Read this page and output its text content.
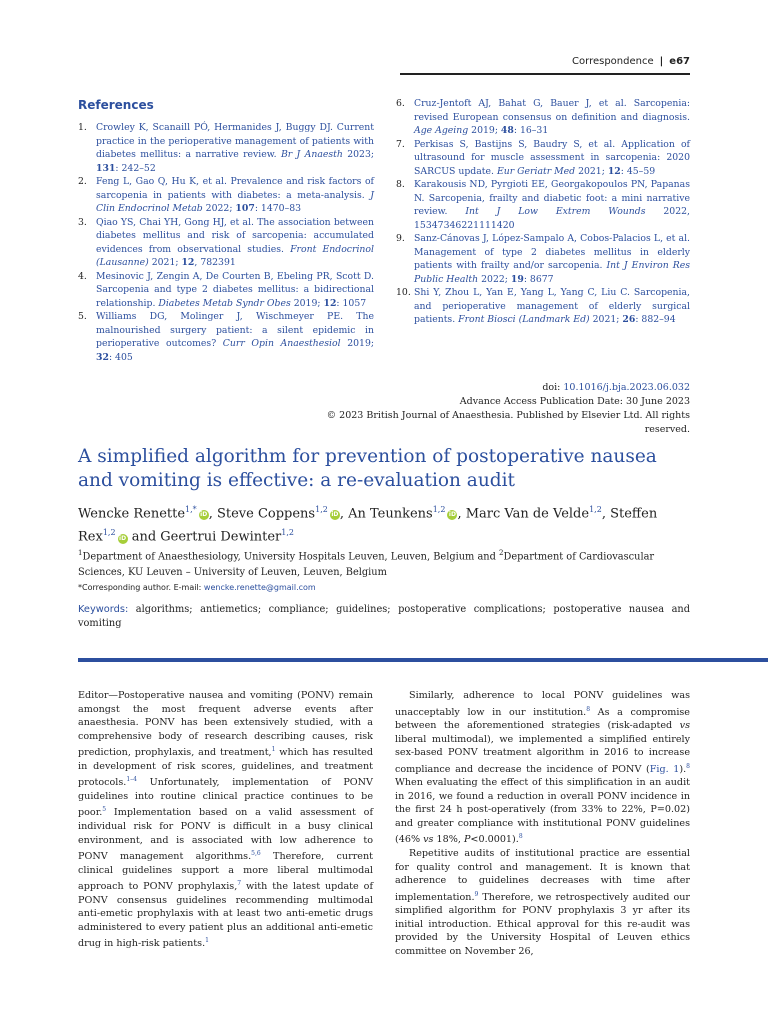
Correspondence | e67
References
1. Crowley K, Scanaill PÓ, Hermanides J, Buggy DJ. Current practice in the perioperative management of patients with diabetes mellitus: a narrative review. Br J Anaesth 2023; 131: 242–52
2. Feng L, Gao Q, Hu K, et al. Prevalence and risk factors of sarcopenia in patients with diabetes: a meta-analysis. J Clin Endocrinol Metab 2022; 107: 1470–83
3. Qiao YS, Chai YH, Gong HJ, et al. The association between diabetes mellitus and risk of sarcopenia: accumulated evidences from observational studies. Front Endocrinol (Lausanne) 2021; 12, 782391
4. Mesinovic J, Zengin A, De Courten B, Ebeling PR, Scott D. Sarcopenia and type 2 diabetes mellitus: a bidirectional relationship. Diabetes Metab Syndr Obes 2019; 12: 1057
5. Williams DG, Molinger J, Wischmeyer PE. The malnourished surgery patient: a silent epidemic in perioperative outcomes? Curr Opin Anaesthesiol 2019; 32: 405
6. Cruz-Jentoft AJ, Bahat G, Bauer J, et al. Sarcopenia: revised European consensus on definition and diagnosis. Age Ageing 2019; 48: 16–31
7. Perkisas S, Bastijns S, Baudry S, et al. Application of ultrasound for muscle assessment in sarcopenia: 2020 SARCUS update. Eur Geriatr Med 2021; 12: 45–59
8. Karakousis ND, Pyrgioti EE, Georgakopoulos PN, Papanas N. Sarcopenia, frailty and diabetic foot: a mini narrative review. Int J Low Extrem Wounds 2022, 15347346221111420
9. Sanz-Cánovas J, López-Sampalo A, Cobos-Palacios L, et al. Management of type 2 diabetes mellitus in elderly patients with frailty and/or sarcopenia. Int J Environ Res Public Health 2022; 19: 8677
10. Shi Y, Zhou L, Yan E, Yang L, Yang C, Liu C. Sarcopenia, and perioperative management of elderly surgical patients. Front Biosci (Landmark Ed) 2021; 26: 882–94
doi: 10.1016/j.bja.2023.06.032
Advance Access Publication Date: 30 June 2023
© 2023 British Journal of Anaesthesia. Published by Elsevier Ltd. All rights reserved.
A simplified algorithm for prevention of postoperative nausea and vomiting is effective: a re-evaluation audit
Wencke Renette$^{1,*}$iD, Steve Coppens$^{1,2}$iD, An Teunkens$^{1,2}$iD, Marc Van de Velde$^{1,2}$, Steffen Rex$^{1,2}$iD and Geertrui Dewinter$^{1,2}$
$^1$Department of Anaesthesiology, University Hospitals Leuven, Leuven, Belgium and $^2$Department of Cardiovascular Sciences, KU Leuven – University of Leuven, Leuven, Belgium
*Corresponding author. E-mail: wencke.renette@gmail.com
Keywords: algorithms; antiemetics; compliance; guidelines; postoperative complications; postoperative nausea and vomiting

Editor—Postoperative nausea and vomiting (PONV) remain amongst the most frequent adverse events after anaesthesia. PONV has been extensively studied, with a comprehensive body of research describing causes, risk prediction, prophylaxis, and treatment,$^1$ which has resulted in development of risk scores, guidelines, and treatment protocols.$^{1-4}$ Unfortunately, implementation of PONV guidelines into routine clinical practice continues to be poor.$^5$ Implementation based on a valid assessment of individual risk for PONV is difficult in a busy clinical environment, and is associated with low adherence to PONV management algorithms.$^{5,6}$ Therefore, current clinical guidelines support a more liberal multimodal approach to PONV prophylaxis,$^7$ with the latest update of PONV consensus guidelines recommending multimodal anti-emetic prophylaxis with at least two anti-emetic drugs administered to every patient plus an additional anti-emetic drug in high-risk patients.$^1$

Similarly, adherence to local PONV guidelines was unacceptably low in our institution.$^8$ As a compromise between the aforementioned strategies (risk-adapted vs liberal multimodal), we implemented a simplified entirely sex-based PONV treatment algorithm in 2016 to increase compliance and decrease the incidence of PONV (Fig. 1).$^8$ When evaluating the effect of this simplification in an audit in 2016, we found a reduction in overall PONV incidence in the first 24 h post-operatively (from 33% to 22%, P=0.02) and greater compliance with institutional PONV guidelines (46% vs 18%, P<0.0001).$^8$

Repetitive audits of institutional practice are essential for quality control and management. It is known that adherence to guidelines decreases with time after implementation.$^9$ Therefore, we retrospectively audited our simplified algorithm for PONV prophylaxis 3 yr after its initial introduction. Ethical approval for this re-audit was provided by the University Hospital of Leuven ethics committee on November 26,
